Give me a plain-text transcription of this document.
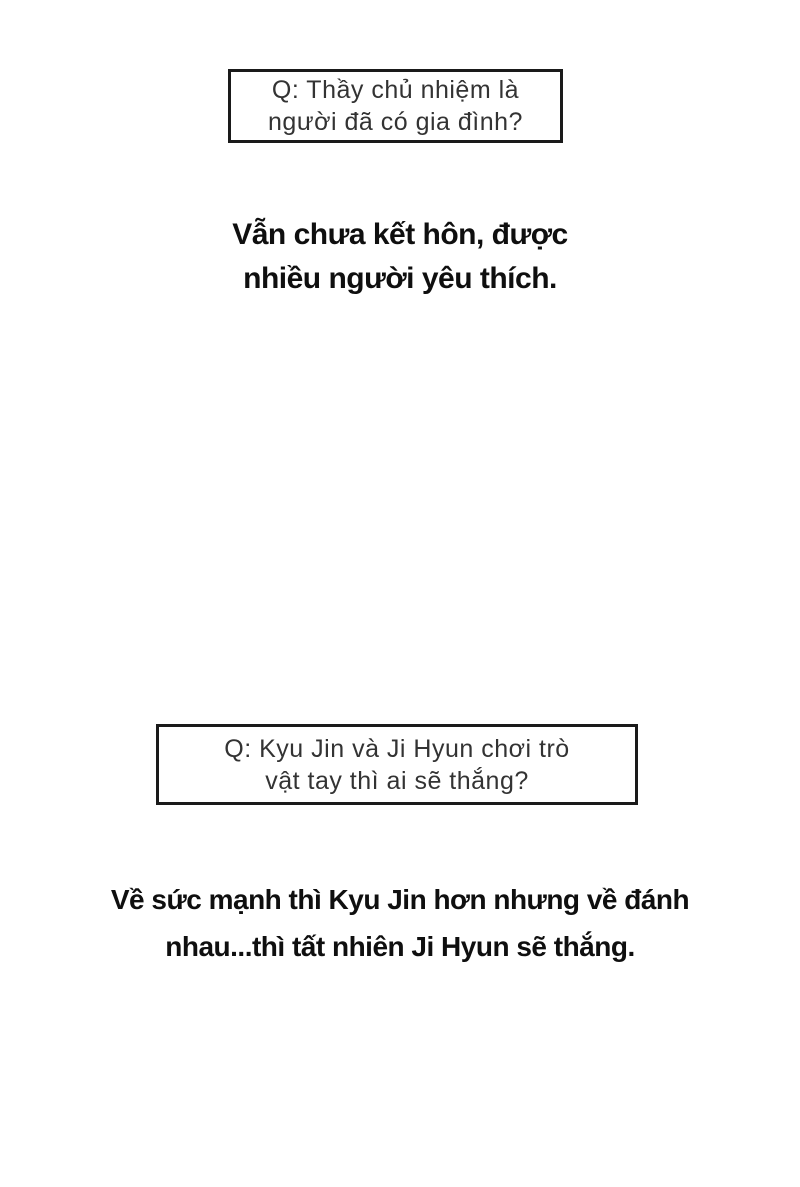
Q: Thầy chủ nhiệm là
người đã có gia đình?
Vẫn chưa kết hôn, được
nhiều người yêu thích.
Q: Kyu Jin và Ji Hyun chơi trò
vật tay thì ai sẽ thắng?
Về sức mạnh thì Kyu Jin hơn nhưng về đánh
nhau...thì tất nhiên Ji Hyun sẽ thắng.
